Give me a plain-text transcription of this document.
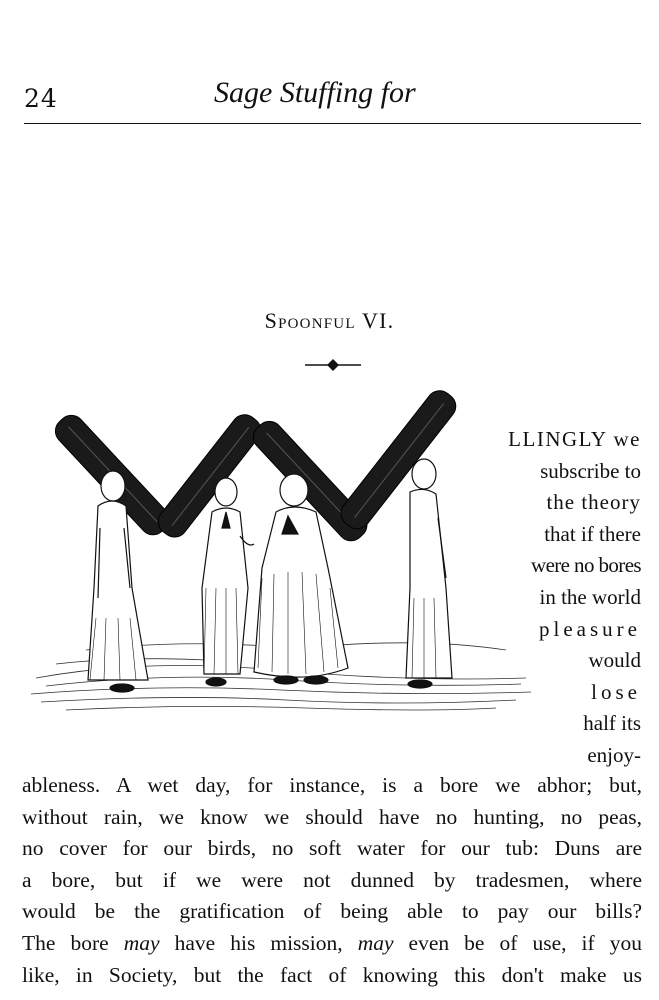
24	Sage Stuffing for
Spoonful VI.
LLINGLY we
subscribe to
the theory
that if there
were no bores
in the world
pleasure
would
lose
half its
enjoy-
ableness. A wet day, for instance, is a bore we abhor; but,
without rain, we know we should have no hunting, no peas,
no cover for our birds, no soft water for our tub: Duns are
a bore, but if we were not dunned by tradesmen, where
would be the gratification of being able to pay our bills?
The bore may have his mission, may even be of use, if you
like, in Society, but the fact of knowing this don't make us
